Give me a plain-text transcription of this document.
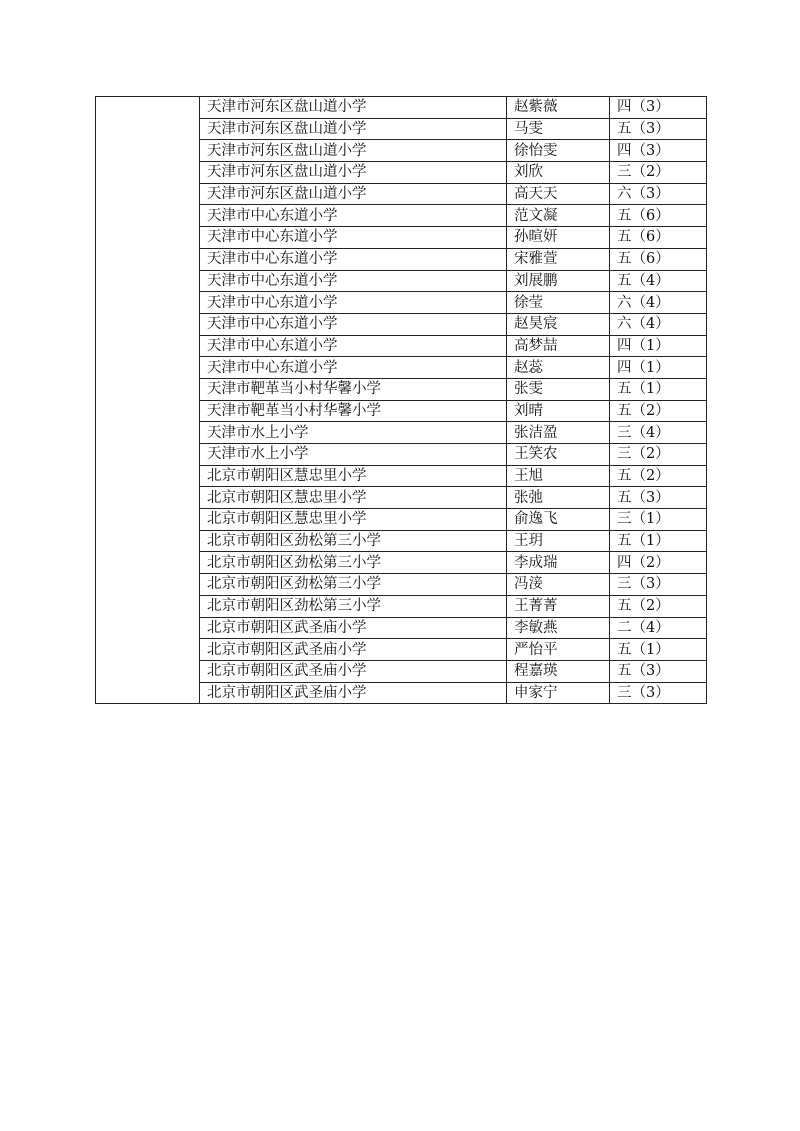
	天津市河东区盘山道小学	赵紫薇	四（3）
	天津市河东区盘山道小学	马雯	五（3）
	天津市河东区盘山道小学	徐怡雯	四（3）
	天津市河东区盘山道小学	刘欣	三（2）
	天津市河东区盘山道小学	高天天	六（3）
	天津市中心东道小学	范文凝	五（6）
	天津市中心东道小学	孙暄妍	五（6）
	天津市中心东道小学	宋雅萱	五（6）
	天津市中心东道小学	刘展鹏	五（4）
	天津市中心东道小学	徐莹	六（4）
	天津市中心东道小学	赵昊宸	六（4）
	天津市中心东道小学	高梦喆	四（1）
	天津市中心东道小学	赵蕊	四（1）
	天津市靶革当小村华馨小学	张雯	五（1）
	天津市靶革当小村华馨小学	刘晴	五（2）
	天津市水上小学	张洁盈	三（4）
	天津市水上小学	王笑农	三（2）
	北京市朝阳区慧忠里小学	王旭	五（2）
	北京市朝阳区慧忠里小学	张弛	五（3）
	北京市朝阳区慧忠里小学	俞逸飞	三（1）
	北京市朝阳区劲松第三小学	王玥	五（1）
	北京市朝阳区劲松第三小学	李成瑞	四（2）
	北京市朝阳区劲松第三小学	冯淁	三（3）
	北京市朝阳区劲松第三小学	王菁菁	五（2）
	北京市朝阳区武圣庙小学	李敏燕	二（4）
	北京市朝阳区武圣庙小学	严怡平	五（1）
	北京市朝阳区武圣庙小学	程嘉瑛	五（3）
	北京市朝阳区武圣庙小学	申家宁	三（3）
